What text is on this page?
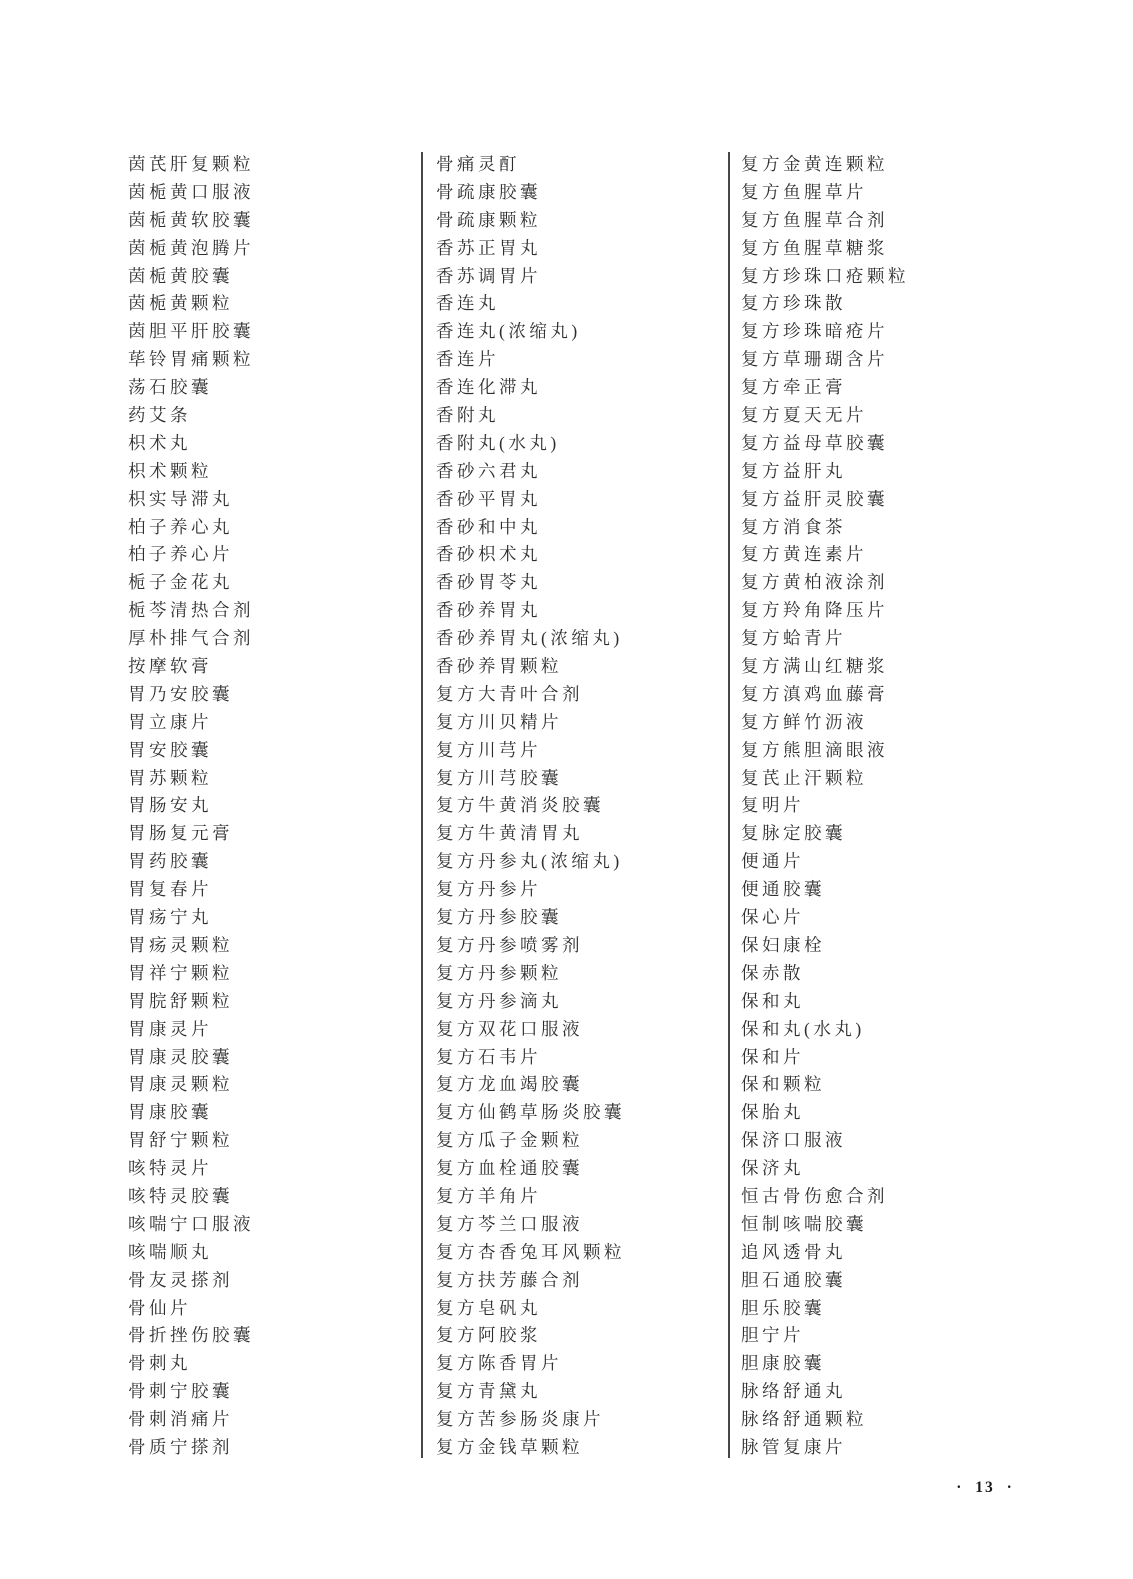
茵芪肝复颗粒
茵栀黄口服液
茵栀黄软胶囊
茵栀黄泡腾片
茵栀黄胶囊
茵栀黄颗粒
茵胆平肝胶囊
荜铃胃痛颗粒
荡石胶囊
药艾条
枳术丸
枳术颗粒
枳实导滞丸
柏子养心丸
柏子养心片
栀子金花丸
栀芩清热合剂
厚朴排气合剂
按摩软膏
胃乃安胶囊
胃立康片
胃安胶囊
胃苏颗粒
胃肠安丸
胃肠复元膏
胃药胶囊
胃复春片
胃疡宁丸
胃疡灵颗粒
胃祥宁颗粒
胃脘舒颗粒
胃康灵片
胃康灵胶囊
胃康灵颗粒
胃康胶囊
胃舒宁颗粒
咳特灵片
咳特灵胶囊
咳喘宁口服液
咳喘顺丸
骨友灵搽剂
骨仙片
骨折挫伤胶囊
骨刺丸
骨刺宁胶囊
骨刺消痛片
骨质宁搽剂
骨痛灵酊
骨疏康胶囊
骨疏康颗粒
香苏正胃丸
香苏调胃片
香连丸
香连丸(浓缩丸)
香连片
香连化滞丸
香附丸
香附丸(水丸)
香砂六君丸
香砂平胃丸
香砂和中丸
香砂枳术丸
香砂胃苓丸
香砂养胃丸
香砂养胃丸(浓缩丸)
香砂养胃颗粒
复方大青叶合剂
复方川贝精片
复方川芎片
复方川芎胶囊
复方牛黄消炎胶囊
复方牛黄清胃丸
复方丹参丸(浓缩丸)
复方丹参片
复方丹参胶囊
复方丹参喷雾剂
复方丹参颗粒
复方丹参滴丸
复方双花口服液
复方石韦片
复方龙血竭胶囊
复方仙鹤草肠炎胶囊
复方瓜子金颗粒
复方血栓通胶囊
复方羊角片
复方芩兰口服液
复方杏香兔耳风颗粒
复方扶芳藤合剂
复方皂矾丸
复方阿胶浆
复方陈香胃片
复方青黛丸
复方苦参肠炎康片
复方金钱草颗粒
复方金黄连颗粒
复方鱼腥草片
复方鱼腥草合剂
复方鱼腥草糖浆
复方珍珠口疮颗粒
复方珍珠散
复方珍珠暗疮片
复方草珊瑚含片
复方牵正膏
复方夏天无片
复方益母草胶囊
复方益肝丸
复方益肝灵胶囊
复方消食茶
复方黄连素片
复方黄柏液涂剂
复方羚角降压片
复方蛤青片
复方满山红糖浆
复方滇鸡血藤膏
复方鲜竹沥液
复方熊胆滴眼液
复芪止汗颗粒
复明片
复脉定胶囊
便通片
便通胶囊
保心片
保妇康栓
保赤散
保和丸
保和丸(水丸)
保和片
保和颗粒
保胎丸
保济口服液
保济丸
恒古骨伤愈合剂
恒制咳喘胶囊
追风透骨丸
胆石通胶囊
胆乐胶囊
胆宁片
胆康胶囊
脉络舒通丸
脉络舒通颗粒
脉管复康片
· 13 ·
